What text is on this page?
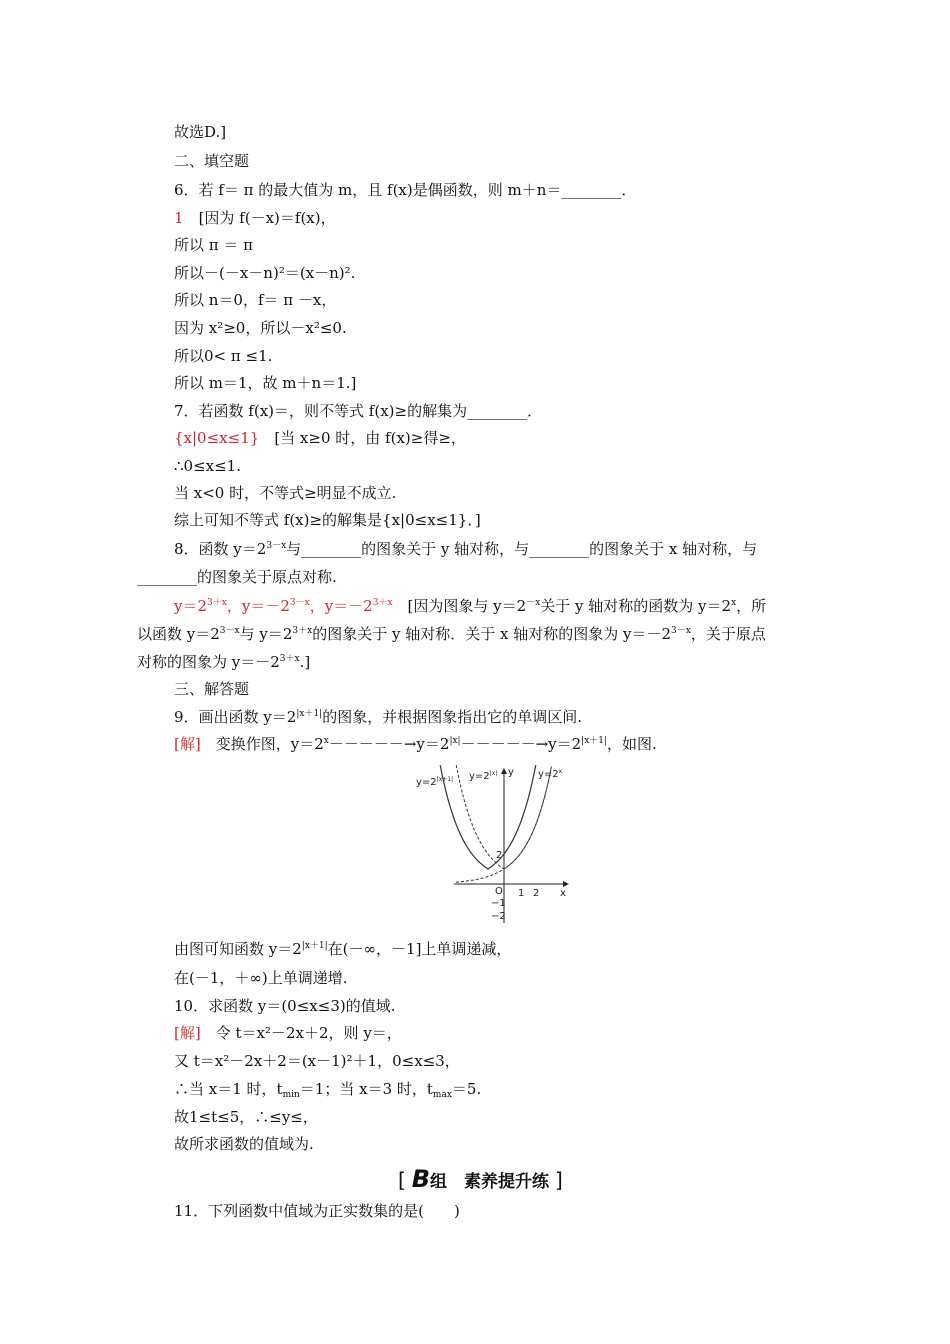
故选D.]
二、填空题
6．若 f＝ π 的最大值为 m，且 f(x)是偶函数，则 m＋n＝________．
1　 [因为 f(－x)＝f(x)，
所以 π ＝ π
所以－(－x－n)²＝(x－n)².
所以 n＝0，f＝ π －x，
因为 x²≥0，所以－x²≤0.
所以0< π ≤1.
所以 m＝1，故 m＋n＝1.]
7．若函数 f(x)＝，则不等式 f(x)≥的解集为________．
{x|0≤x≤1}　 [当 x≥0 时，由 f(x)≥得≥，
∴0≤x≤1.
当 x<0 时，不等式≥明显不成立.
综上可知不等式 f(x)≥的解集是{x|0≤x≤1}．]
8．函数 $y=2^{3-x}$与________的图象关于 y 轴对称，与________的图象关于 x 轴对称，与
________的图象关于原点对称.
$y=2^{3+x}$，$y=-2^{3-x}$，$y=-2^{3+x}$　 [因为图象与 $y=2^{-x}$关于 y 轴对称的函数为 $y=2^x$，所
以函数 $y=2^{3-x}$与 $y=2^{3+x}$的图象关于 y 轴对称．关于 x 轴对称的图象为 $y=-2^{3-x}$，关于原点
对称的图象为 $y=-2^{3+x}$.]
三、解答题
9．画出函数 $y=2^{|x+1|}$的图象，并根据图象指出它的单调区间.
[解]　 变换作图，$y=2^x-----\to y=2^{|x|}-----\to y=2^{|x+1|}$，如图.
$y=2^{|x+1|}$ $y=2^{|x|}$	$y=2^x$
y
x
O 1 2
2
−1
−2
由图可知函数 $y=2^{|x+1|}$在(－∞，－1]上单调递减，
在(－1，＋∞)上单调递增.
10．求函数 y＝(0≤x≤3)的值域.
[解]　 令 t＝x²－2x＋2，则 y＝，
又 t＝x²－2x＋2＝(x－1)²＋1，0≤x≤3，
∴当 x＝1 时，$t_{min}=1$；当 x＝3 时，$t_{max}=5$.
故1≤t≤5，∴≤y≤，
故所求函数的值域为.
[ B组　素养提升练 ]
11．下列函数中值域为正实数集的是(　　)
